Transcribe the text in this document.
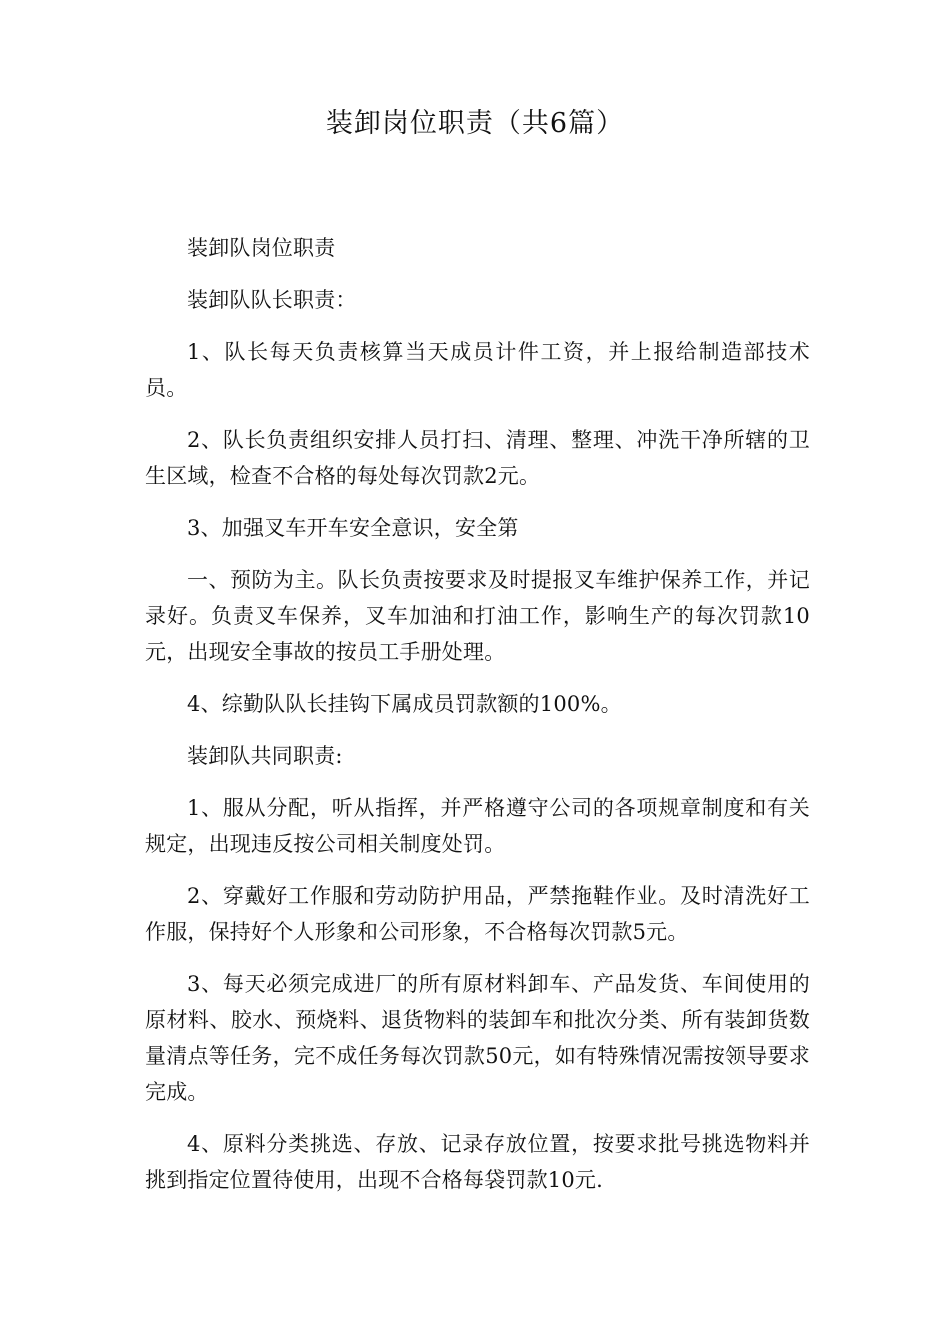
装卸岗位职责（共6篇）

装卸队岗位职责

装卸队队长职责：

1、队长每天负责核算当天成员计件工资，并上报给制造部技术员。

2、队长负责组织安排人员打扫、清理、整理、冲洗干净所辖的卫生区域，检查不合格的每处每次罚款2元。

3、加强叉车开车安全意识，安全第

一、预防为主。队长负责按要求及时提报叉车维护保养工作，并记录好。负责叉车保养，叉车加油和打油工作，影响生产的每次罚款10元，出现安全事故的按员工手册处理。

4、综勤队队长挂钩下属成员罚款额的100%。

装卸队共同职责:

1、服从分配，听从指挥，并严格遵守公司的各项规章制度和有关规定，出现违反按公司相关制度处罚。

2、穿戴好工作服和劳动防护用品，严禁拖鞋作业。及时清洗好工作服，保持好个人形象和公司形象，不合格每次罚款5元。

3、每天必须完成进厂的所有原材料卸车、产品发货、车间使用的原材料、胶水、预烧料、退货物料的装卸车和批次分类、所有装卸货数量清点等任务，完不成任务每次罚款50元，如有特殊情况需按领导要求完成。

4、原料分类挑选、存放、记录存放位置，按要求批号挑选物料并挑到指定位置待使用，出现不合格每袋罚款10元.
